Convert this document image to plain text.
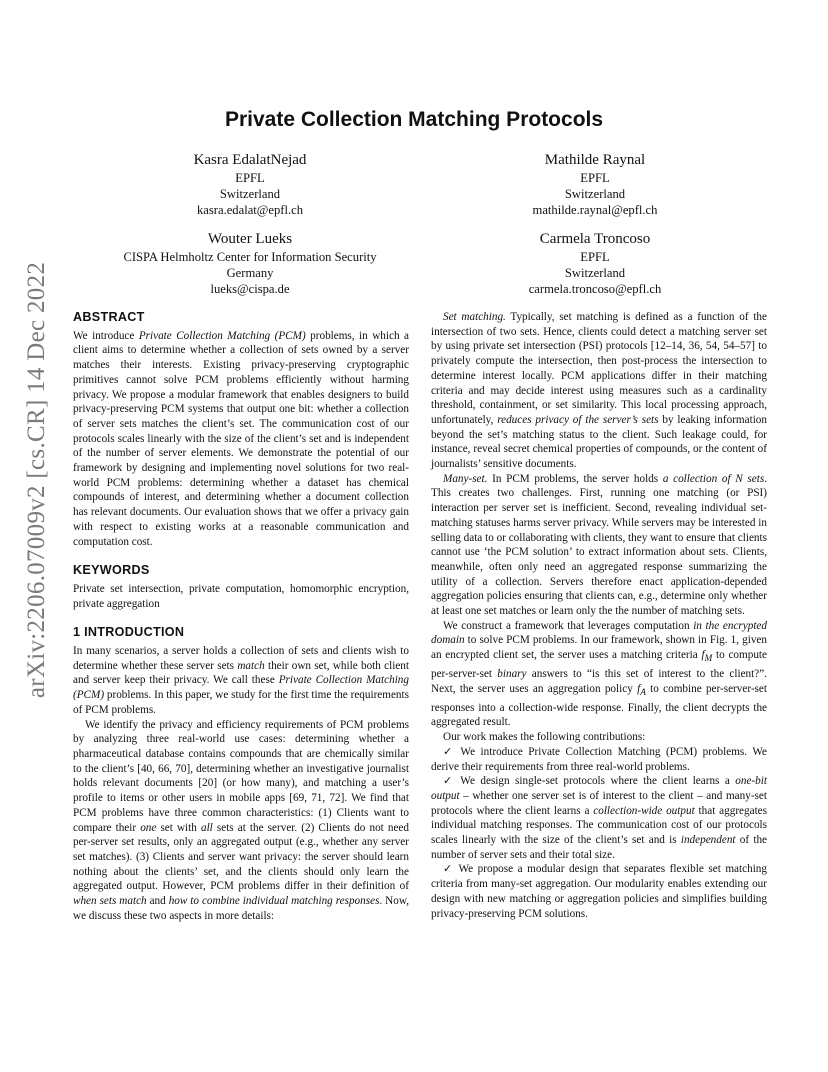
arXiv:2206.07009v2 [cs.CR] 14 Dec 2022
Private Collection Matching Protocols
Kasra EdalatNejad
EPFL
Switzerland
kasra.edalat@epfl.ch
Mathilde Raynal
EPFL
Switzerland
mathilde.raynal@epfl.ch
Wouter Lueks
CISPA Helmholtz Center for Information Security
Germany
lueks@cispa.de
Carmela Troncoso
EPFL
Switzerland
carmela.troncoso@epfl.ch
ABSTRACT

We introduce Private Collection Matching (PCM) problems, in which a client aims to determine whether a collection of sets owned by a server matches their interests. Existing privacy-preserving cryptographic primitives cannot solve PCM problems efficiently without harming privacy. We propose a modular framework that enables designers to build privacy-preserving PCM systems that output one bit: whether a collection of server sets matches the client’s set. The communication cost of our protocols scales linearly with the size of the client’s set and is independent of the number of server elements. We demonstrate the potential of our framework by designing and implementing novel solutions for two real-world PCM problems: determining whether a dataset has chemical compounds of interest, and determining whether a document collection has relevant documents. Our evaluation shows that we offer a privacy gain with respect to existing works at a reasonable communication and computation cost.

KEYWORDS

Private set intersection, private computation, homomorphic encryption, private aggregation

1 INTRODUCTION

In many scenarios, a server holds a collection of sets and clients wish to determine whether these server sets match their own set, while both client and server keep their privacy. We call these Private Collection Matching (PCM) problems. In this paper, we study for the first time the requirements of PCM problems.

We identify the privacy and efficiency requirements of PCM problems by analyzing three real-world use cases: determining whether a pharmaceutical database contains compounds that are chemically similar to the client’s [40, 66, 70], determining whether an investigative journalist holds relevant documents [20] (or how many), and matching a user’s profile to items or other users in mobile apps [69, 71, 72]. We find that PCM problems have three common characteristics: (1) Clients want to compare their one set with all sets at the server. (2) Clients do not need per-server set results, only an aggregated output (e.g., whether any server set matches). (3) Clients and server want privacy: the server should learn nothing about the clients’ set, and the clients should only learn the aggregated output. However, PCM problems differ in their definition of when sets match and how to combine individual matching responses. Now, we discuss these two aspects in more details:

Set matching. Typically, set matching is defined as a function of the intersection of two sets. Hence, clients could detect a matching server set by using private set intersection (PSI) protocols [12–14, 36, 54, 54–57] to privately compute the intersection, then post-process the intersection to determine interest locally. PCM applications differ in their matching criteria and may decide interest using measures such as a cardinality threshold, containment, or set similarity. This local processing approach, unfortunately, reduces privacy of the server’s sets by leaking information beyond the set’s matching status to the client. Such leakage could, for instance, reveal secret chemical properties of compounds, or the content of journalists’ sensitive documents.

Many-set. In PCM problems, the server holds a collection of N sets. This creates two challenges. First, running one matching (or PSI) interaction per server set is inefficient. Second, revealing individual set-matching statuses harms server privacy. While servers may be interested in selling data to or collaborating with clients, they want to ensure that clients cannot use ‘the PCM solution’ to extract information about sets. Clients, meanwhile, often only need an aggregated response summarizing the utility of a collection. Servers therefore enact application-depended aggregation policies ensuring that clients can, e.g., determine only whether at least one set matches or learn only the the number of matching sets.

We construct a framework that leverages computation in the encrypted domain to solve PCM problems. In our framework, shown in Fig. 1, given an encrypted client set, the server uses a matching criteria $f_M$ to compute per-server-set binary answers to “is this set of interest to the client?”. Next, the server uses an aggregation policy $f_A$ to combine per-server-set responses into a collection-wide response. Finally, the client decrypts the aggregated result.

Our work makes the following contributions:

✓ We introduce Private Collection Matching (PCM) problems. We derive their requirements from three real-world problems.

✓ We design single-set protocols where the client learns a one-bit output – whether one server set is of interest to the client – and many-set protocols where the client learns a collection-wide output that aggregates individual matching responses. The communication cost of our protocols scales linearly with the size of the client’s set and is independent of the number of server sets and their total size.

✓ We propose a modular design that separates flexible set matching criteria from many-set aggregation. Our modularity enables extending our design with new matching or aggregation policies and simplifies building privacy-preserving PCM solutions.
